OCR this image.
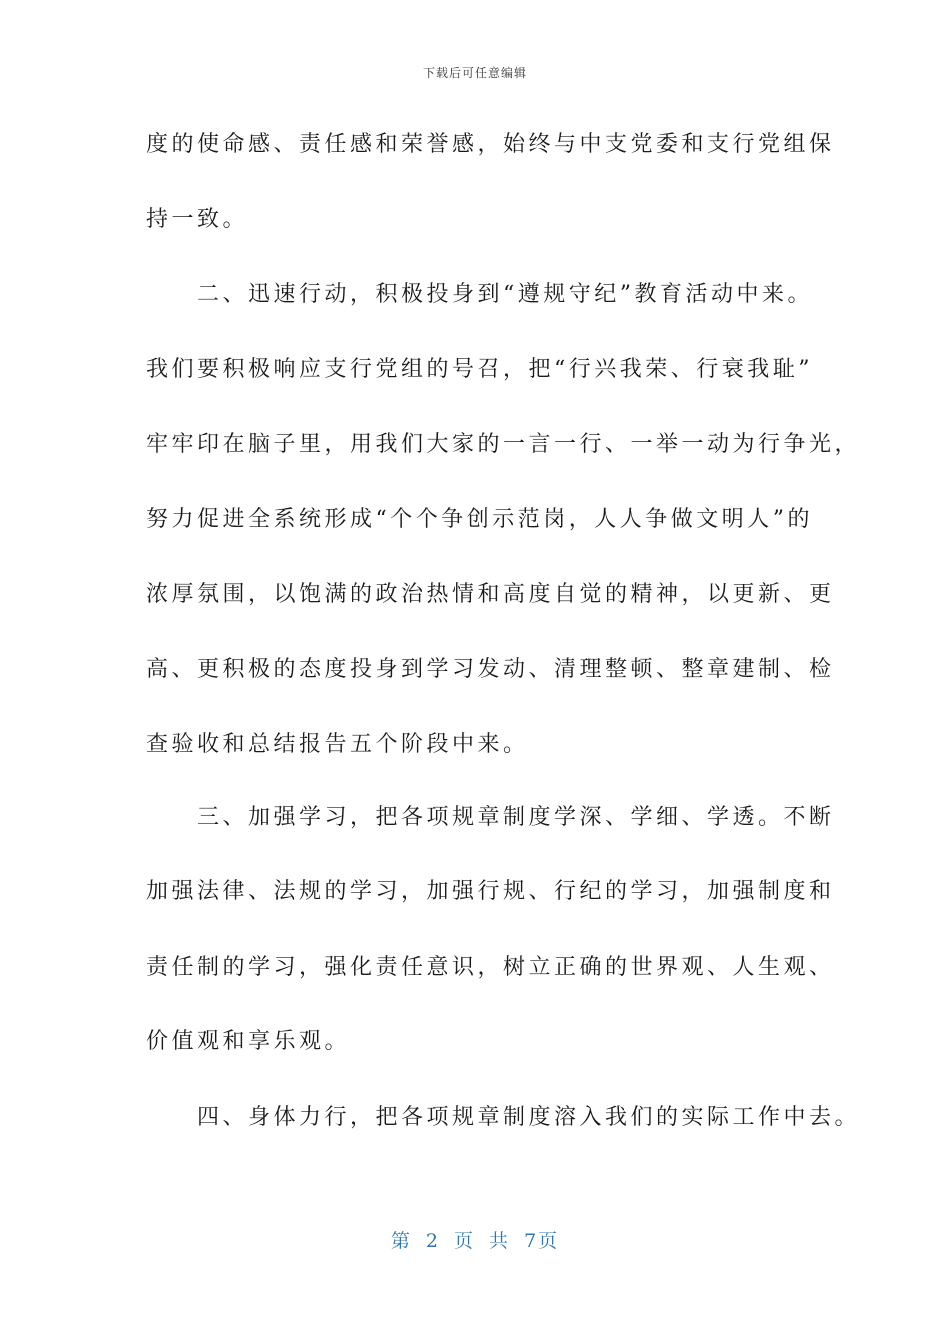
下载后可任意编辑
度的使命感、责任感和荣誉感，始终与中支党委和支行党组保
持一致。
　　二、迅速行动，积极投身到“遵规守纪”教育活动中来。
我们要积极响应支行党组的号召，把“行兴我荣、行衰我耻”
牢牢印在脑子里，用我们大家的一言一行、一举一动为行争光，
努力促进全系统形成“个个争创示范岗，人人争做文明人”的
浓厚氛围，以饱满的政治热情和高度自觉的精神，以更新、更
高、更积极的态度投身到学习发动、清理整顿、整章建制、检
查验收和总结报告五个阶段中来。
　　三、加强学习，把各项规章制度学深、学细、学透。不断
加强法律、法规的学习，加强行规、行纪的学习，加强制度和
责任制的学习，强化责任意识，树立正确的世界观、人生观、
价值观和享乐观。
　　四、身体力行，把各项规章制度溶入我们的实际工作中去。
第 2 页 共 7页
